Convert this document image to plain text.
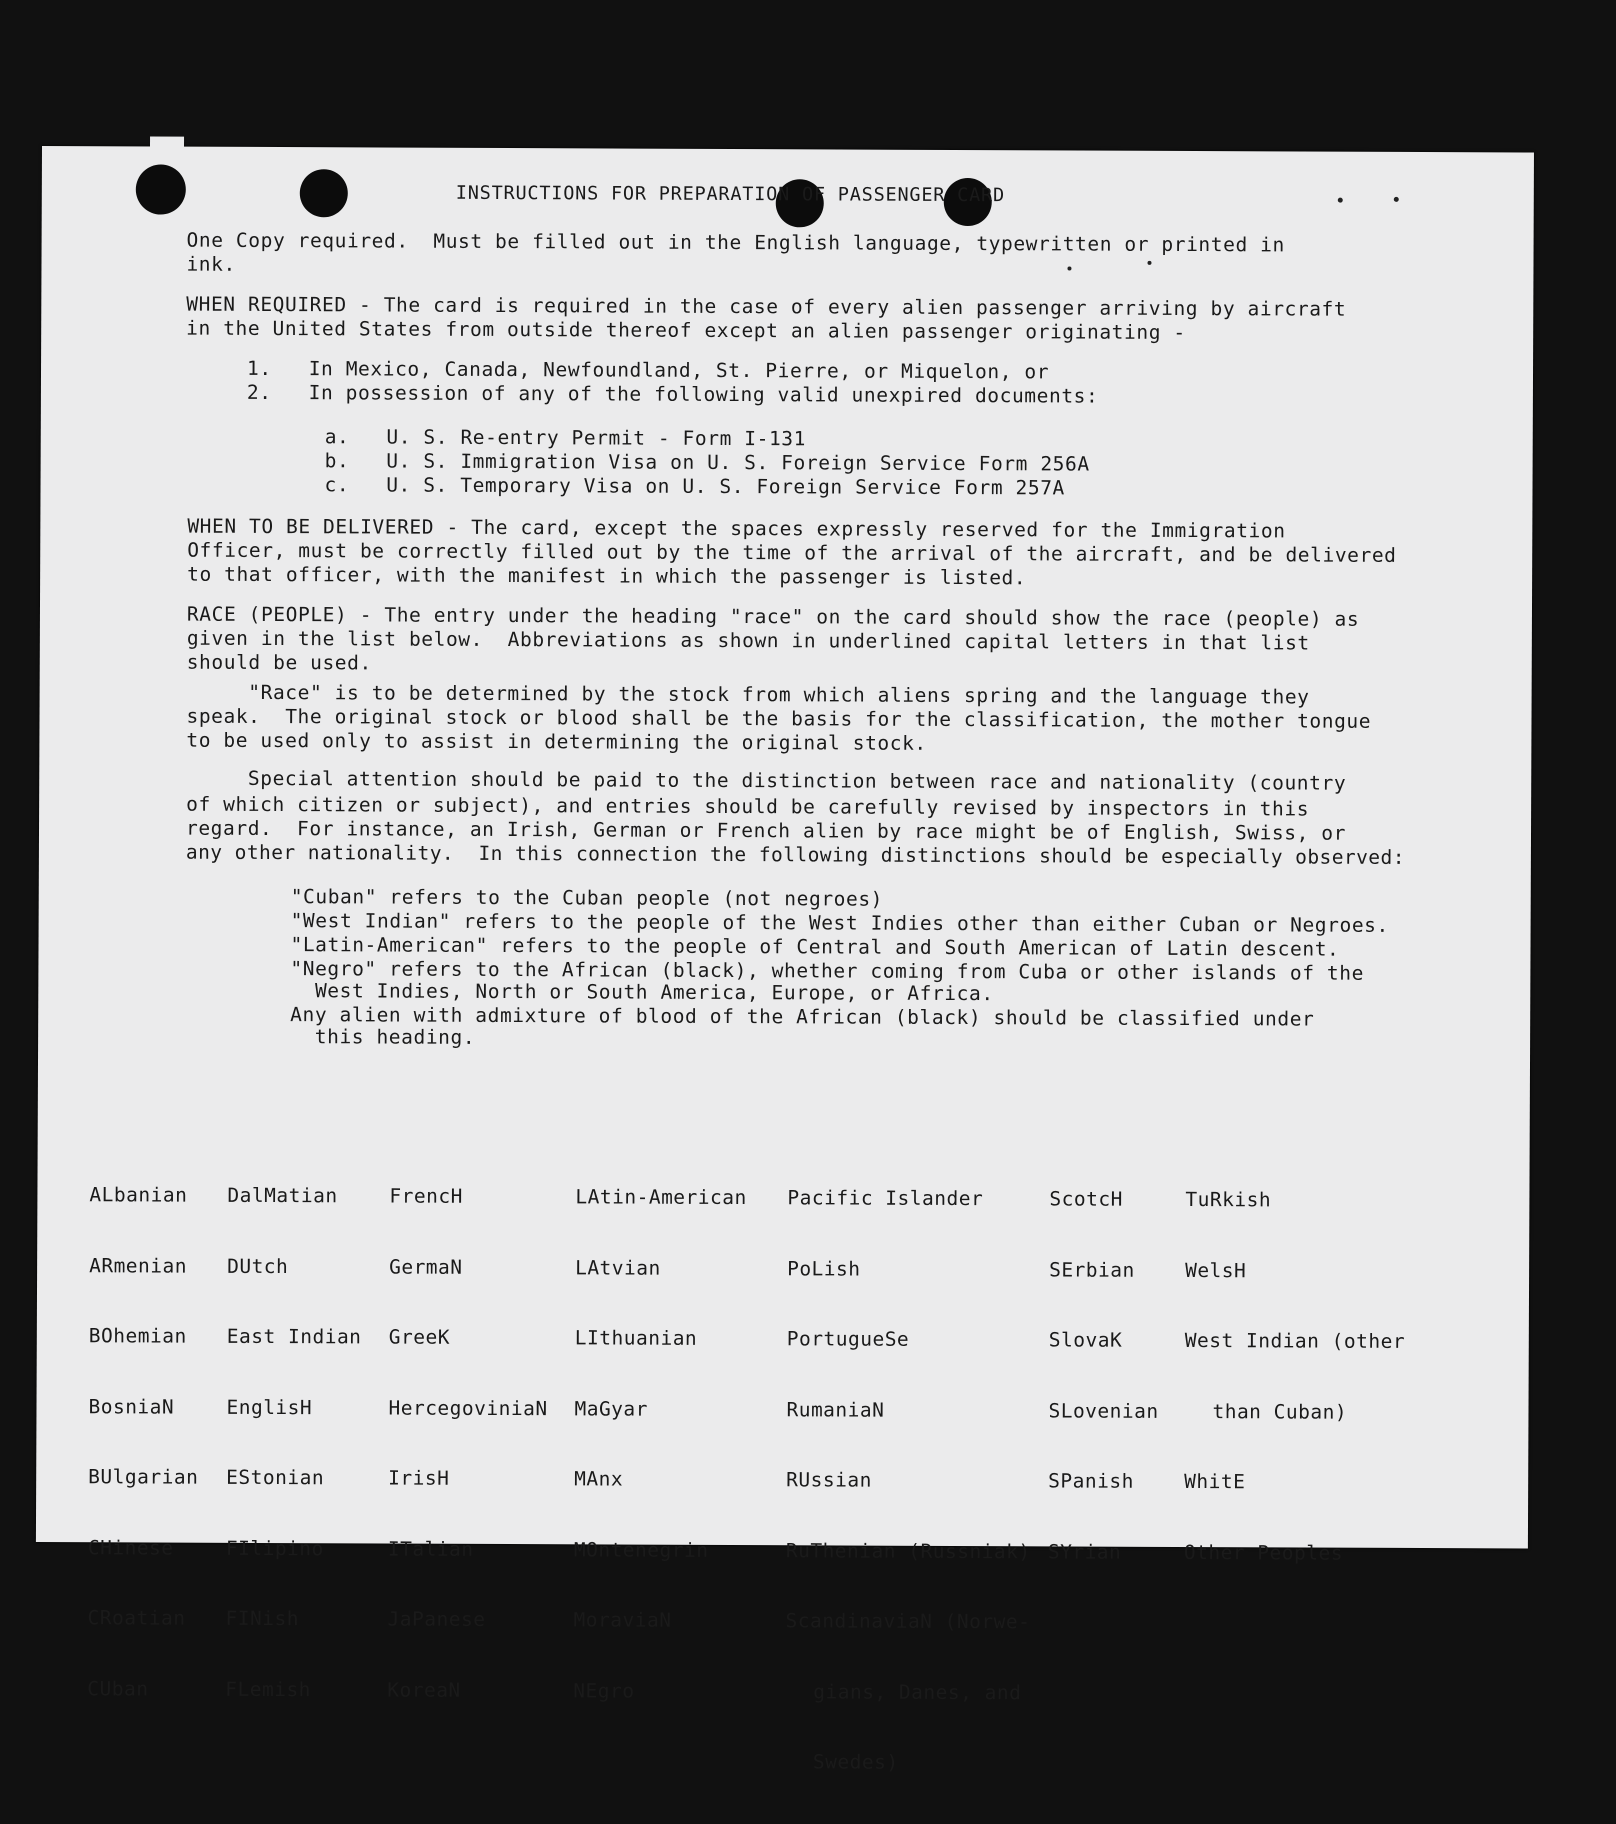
INSTRUCTIONS FOR PREPARATION OF PASSENGER CARD

One Copy required.  Must be filled out in the English language, typewritten or printed in

ink.

WHEN REQUIRED - The card is required in the case of every alien passenger arriving by aircraft

in the United States from outside thereof except an alien passenger originating -

1.   In Mexico, Canada, Newfoundland, St. Pierre, or Miquelon, or

2.   In possession of any of the following valid unexpired documents:

a.   U. S. Re-entry Permit - Form I-131

b.   U. S. Immigration Visa on U. S. Foreign Service Form 256A

c.   U. S. Temporary Visa on U. S. Foreign Service Form 257A

WHEN TO BE DELIVERED - The card, except the spaces expressly reserved for the Immigration

Officer, must be correctly filled out by the time of the arrival of the aircraft, and be delivered

to that officer, with the manifest in which the passenger is listed.

RACE (PEOPLE) - The entry under the heading "race" on the card should show the race (people) as

given in the list below.  Abbreviations as shown in underlined capital letters in that list

should be used.

"Race" is to be determined by the stock from which aliens spring and the language they

speak.  The original stock or blood shall be the basis for the classification, the mother tongue

to be used only to assist in determining the original stock.

Special attention should be paid to the distinction between race and nationality (country

of which citizen or subject), and entries should be carefully revised by inspectors in this

regard.  For instance, an Irish, German or French alien by race might be of English, Swiss, or

any other nationality.  In this connection the following distinctions should be especially observed:

"Cuban" refers to the Cuban people (not negroes)

"West Indian" refers to the people of the West Indies other than either Cuban or Negroes.

"Latin-American" refers to the people of Central and South American of Latin descent.

"Negro" refers to the African (black), whether coming from Cuba or other islands of the

West Indies, North or South America, Europe, or Africa.

Any alien with admixture of blood of the African (black) should be classified under

this heading.

ALbanian

ARmenian

BOhemian

BosniaN

BUlgarian

CHinese

CRoatian

CUban

DalMatian

DUtch

East Indian

EnglisH

EStonian

FIlipino

FINish

FLemish

FrencH

GermaN

GreeK

HercegoviniaN

IrisH

ITalian

JaPanese

KoreaN

LAtin-American

LAtvian

LIthuanian

MaGyar

MAnx

MOntenegrin

MoraviaN

NEgro

Pacific Islander

PoLish

PortugueSe

RumaniaN

RUssian

RuThenian (Russniak)

ScandinaviaN (Norwe-

gians, Danes, and

Swedes)

ScotcH

SErbian

SlovaK

SLovenian

SPanish

SYrian

TuRkish

WelsH

West Indian (other

than Cuban)

WhitE

Other Peoples
